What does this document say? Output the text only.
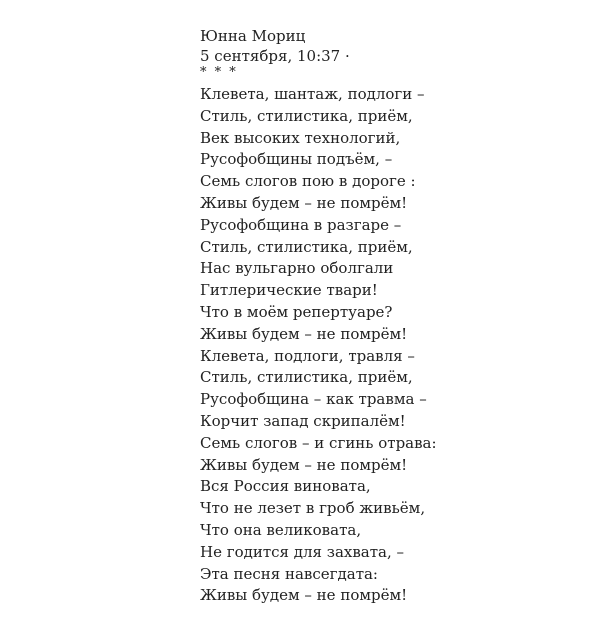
Юнна Мориц
5 сентября, 10:37 ·
* * *
Клевета, шантаж, подлоги –
Стиль, стилистика, приём,
Век высоких технологий,
Русофобщины подъём, –
Семь слогов пою в дороге :
Живы будем – не помрём!
Русофобщина в разгаре –
Стиль, стилистика, приём,
Нас вульгарно оболгали
Гитлерические твари!
Что в моём репертуаре?
Живы будем – не помрём!
Клевета, подлоги, травля –
Стиль, стилистика, приём,
Русофобщина – как травма –
Корчит запад скрипалём!
Семь слогов – и сгинь отрава:
Живы будем – не помрём!
Вся Россия виновата,
Что не лезет в гроб живьём,
Что она великовата,
Не годится для захвата, –
Эта песня навсегдата:
Живы будем – не помрём!
